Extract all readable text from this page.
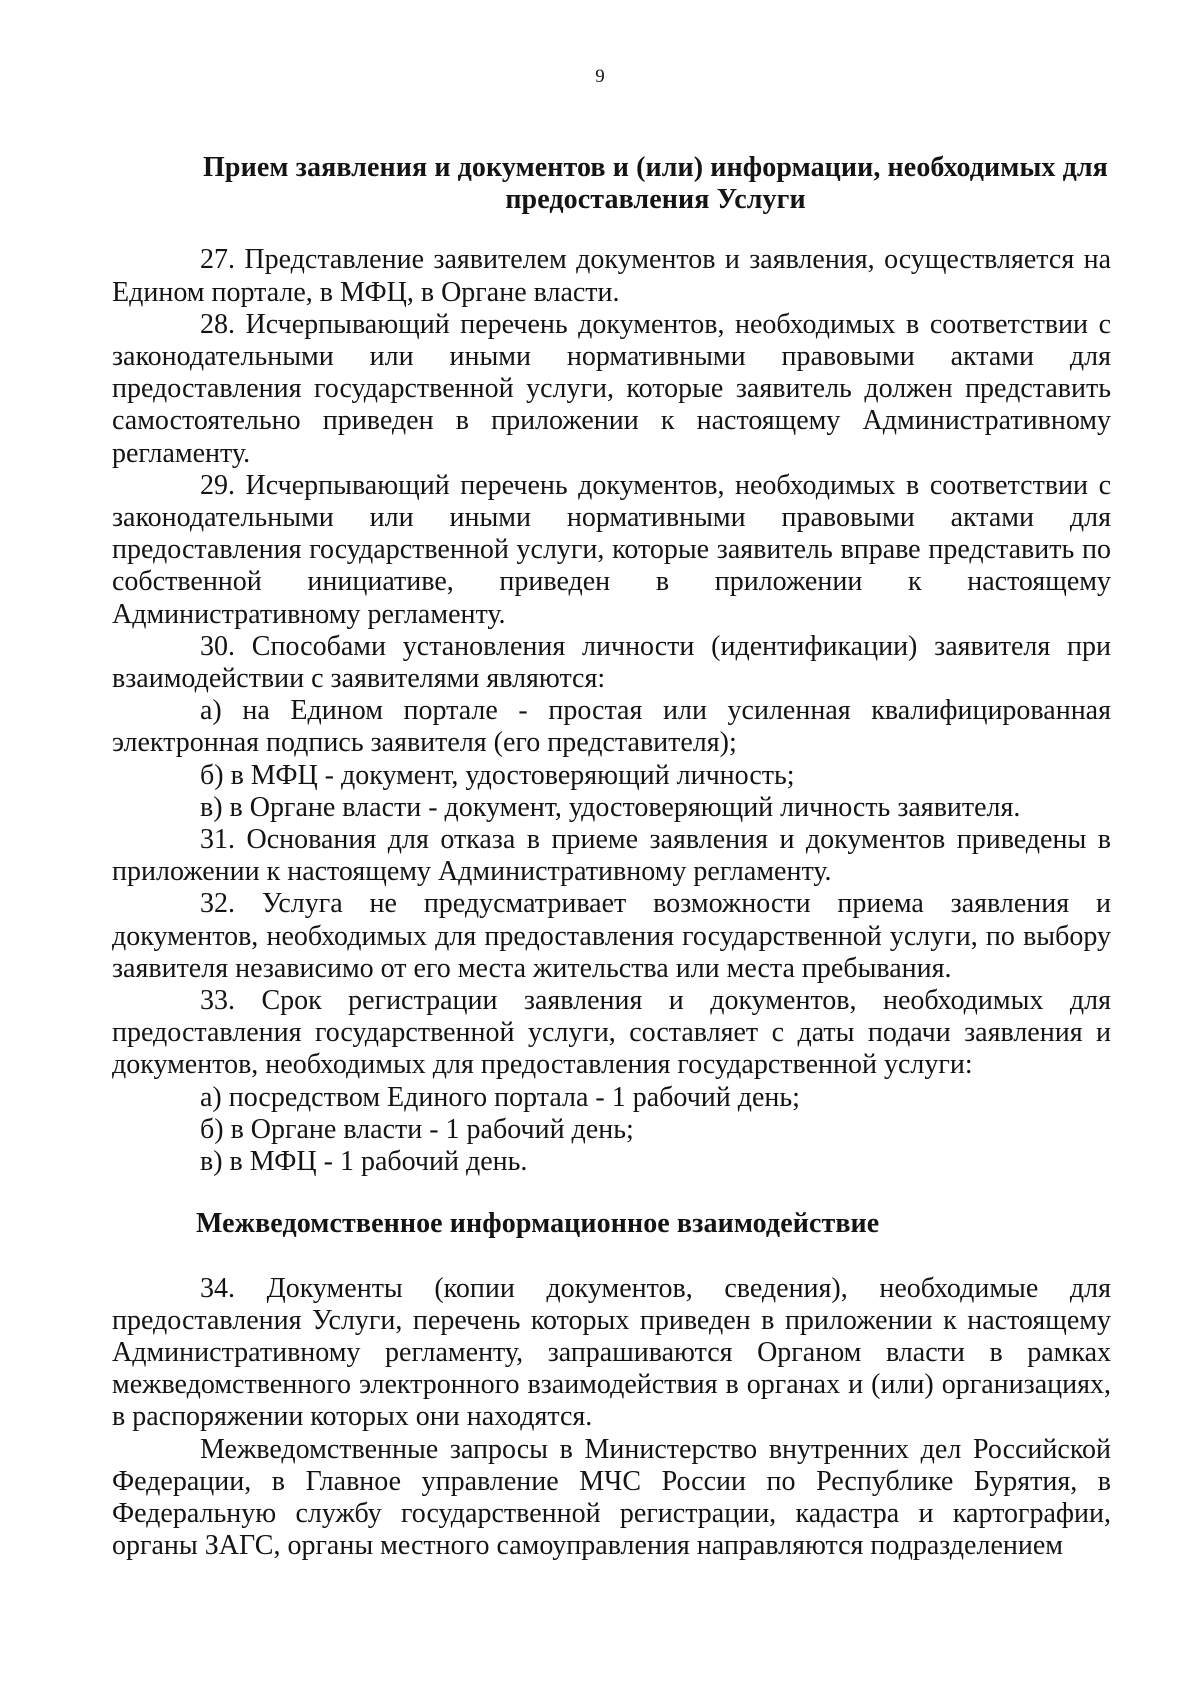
9
Прием заявления и документов и (или) информации, необходимых для
предоставления Услуги

27. Представление заявителем документов и заявления, осуществляется на Едином портале, в МФЦ, в Органе власти.

28. Исчерпывающий перечень документов, необходимых в соответствии с законодательными или иными нормативными правовыми актами для предоставления государственной услуги, которые заявитель должен представить самостоятельно приведен в приложении к настоящему Административному регламенту.

29. Исчерпывающий перечень документов, необходимых в соответствии с законодательными или иными нормативными правовыми актами для предоставления государственной услуги, которые заявитель вправе представить по собственной инициативе, приведен в приложении к настоящему Административному регламенту.

30. Способами установления личности (идентификации) заявителя при взаимодействии с заявителями являются:

а) на Едином портале - простая или усиленная квалифицированная электронная подпись заявителя (его представителя);

б) в МФЦ - документ, удостоверяющий личность;

в) в Органе власти - документ, удостоверяющий личность заявителя.

31. Основания для отказа в приеме заявления и документов приведены в приложении к настоящему Административному регламенту.

32. Услуга не предусматривает возможности приема заявления и документов, необходимых для предоставления государственной услуги, по выбору заявителя независимо от его места жительства или места пребывания.

33. Срок регистрации заявления и документов, необходимых для предоставления государственной услуги, составляет с даты подачи заявления и документов, необходимых для предоставления государственной услуги:

а) посредством Единого портала - 1 рабочий день;

б) в Органе власти - 1 рабочий день;

в) в МФЦ - 1 рабочий день.

Межведомственное информационное взаимодействие

34. Документы (копии документов, сведения), необходимые для предоставления Услуги, перечень которых приведен в приложении к настоящему Административному регламенту, запрашиваются Органом власти в рамках межведомственного электронного взаимодействия в органах и (или) организациях, в распоряжении которых они находятся.

Межведомственные запросы в Министерство внутренних дел Российской Федерации, в Главное управление МЧС России по Республике Бурятия, в Федеральную службу государственной регистрации, кадастра и картографии, органы ЗАГС, органы местного самоуправления направляются подразделением
